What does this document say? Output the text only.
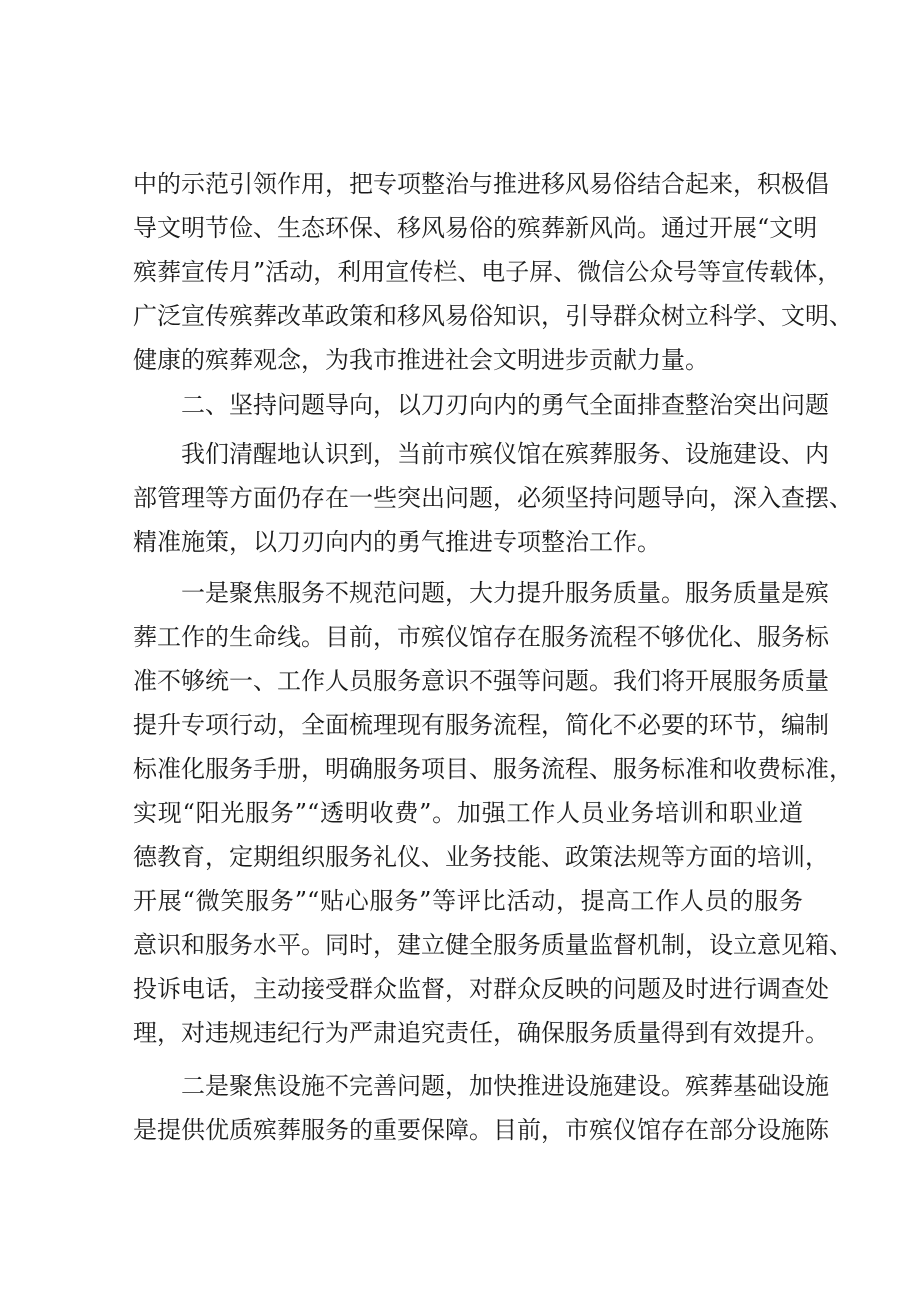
中的示范引领作用，把专项整治与推进移风易俗结合起来，积极倡
导文明节俭、生态环保、移风易俗的殡葬新风尚。通过开展“文明
殡葬宣传月”活动，利用宣传栏、电子屏、微信公众号等宣传载体，
广泛宣传殡葬改革政策和移风易俗知识，引导群众树立科学、文明、
健康的殡葬观念，为我市推进社会文明进步贡献力量。
二、坚持问题导向，以刀刃向内的勇气全面排查整治突出问题
我们清醒地认识到，当前市殡仪馆在殡葬服务、设施建设、内
部管理等方面仍存在一些突出问题，必须坚持问题导向，深入查摆、
精准施策，以刀刃向内的勇气推进专项整治工作。
一是聚焦服务不规范问题，大力提升服务质量。服务质量是殡
葬工作的生命线。目前，市殡仪馆存在服务流程不够优化、服务标
准不够统一、工作人员服务意识不强等问题。我们将开展服务质量
提升专项行动，全面梳理现有服务流程，简化不必要的环节，编制
标准化服务手册，明确服务项目、服务流程、服务标准和收费标准，
实现“阳光服务”“透明收费”。加强工作人员业务培训和职业道
德教育，定期组织服务礼仪、业务技能、政策法规等方面的培训，
开展“微笑服务”“贴心服务”等评比活动，提高工作人员的服务
意识和服务水平。同时，建立健全服务质量监督机制，设立意见箱、
投诉电话，主动接受群众监督，对群众反映的问题及时进行调查处
理，对违规违纪行为严肃追究责任，确保服务质量得到有效提升。
二是聚焦设施不完善问题，加快推进设施建设。殡葬基础设施
是提供优质殡葬服务的重要保障。目前，市殡仪馆存在部分设施陈
